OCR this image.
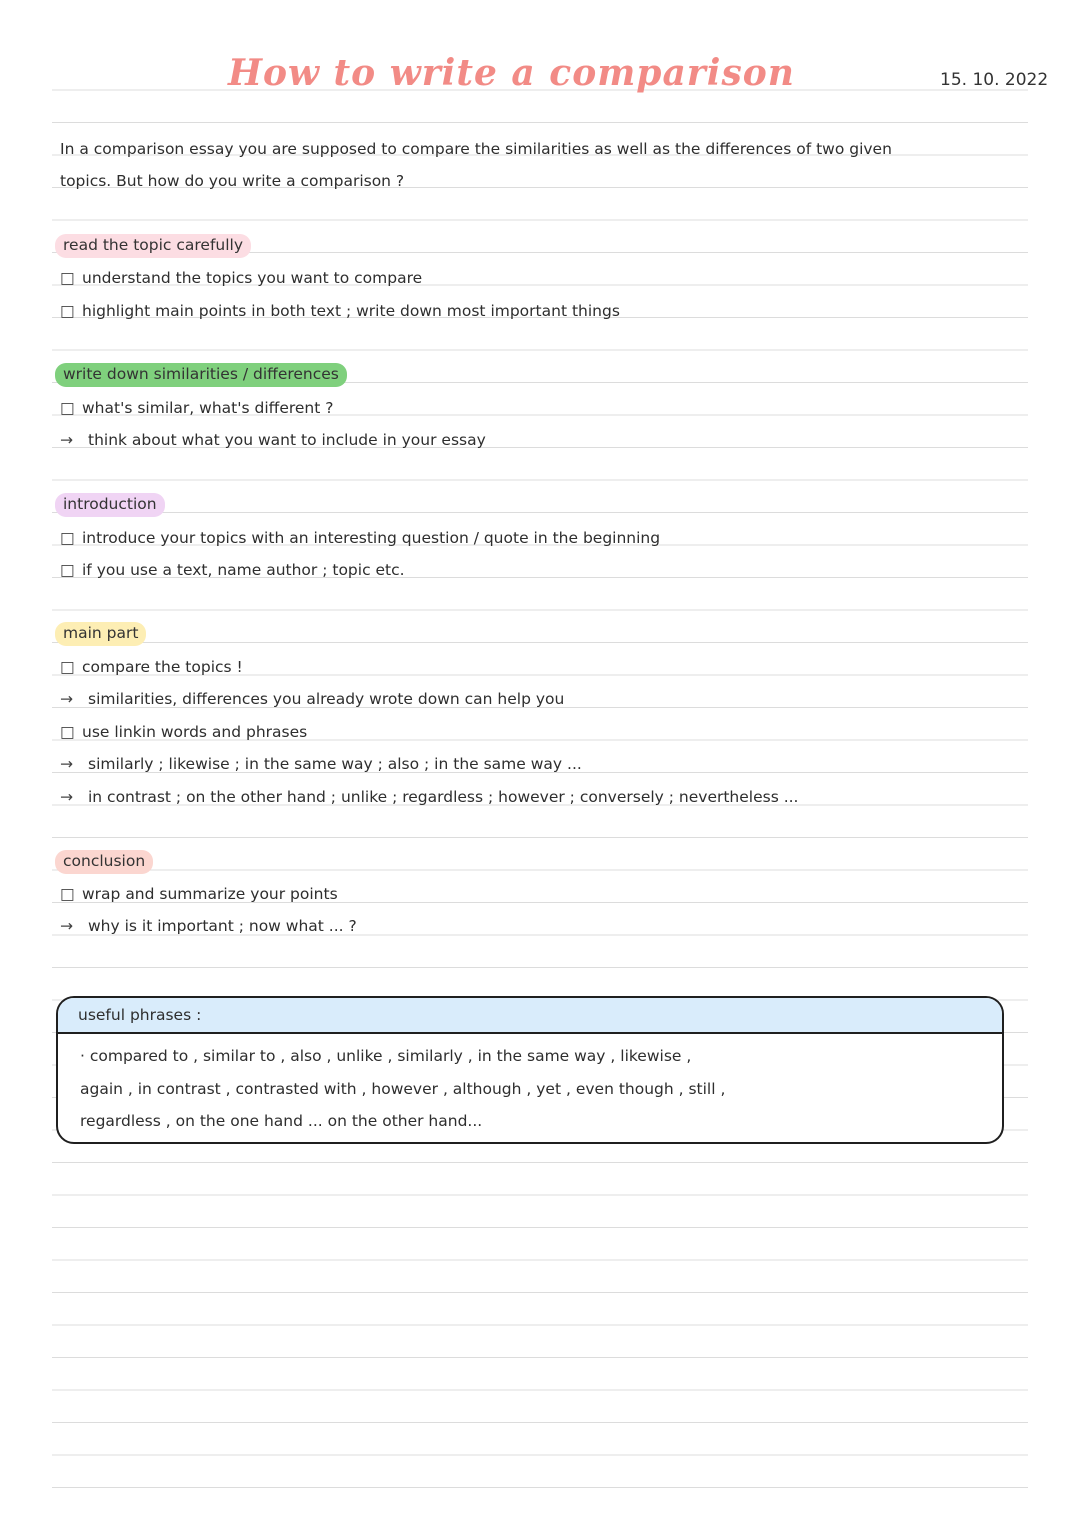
How to write a comparison	15. 10. 2022
In a comparison essay you are supposed to compare the similarities as well as the differences of two given
topics. But how do you write a comparison ?
read the topic carefully
□ understand the topics you want to compare
□ highlight main points in both text ; write down most important things
write down similarities / differences
□ what's similar, what's different ?
→ think about what you want to include in your essay
introduction
□ introduce your topics with an interesting question / quote in the beginning
□ if you use a text, name author ; topic etc.
main part
□ compare the topics !
→ similarities, differences you already wrote down can help you
□ use linkin words and phrases
→ similarly ; likewise ; in the same way ; also ; in the same way ...
→ in contrast ; on the other hand ; unlike ; regardless ; however ; conversely ; nevertheless ...
conclusion
□ wrap and summarize your points
→ why is it important ; now what ... ?
useful phrases :
· compared to , similar to , also , unlike , similarly , in the same way , likewise ,
again , in contrast , contrasted with , however , although , yet , even though , still ,
regardless , on the one hand ... on the other hand...
